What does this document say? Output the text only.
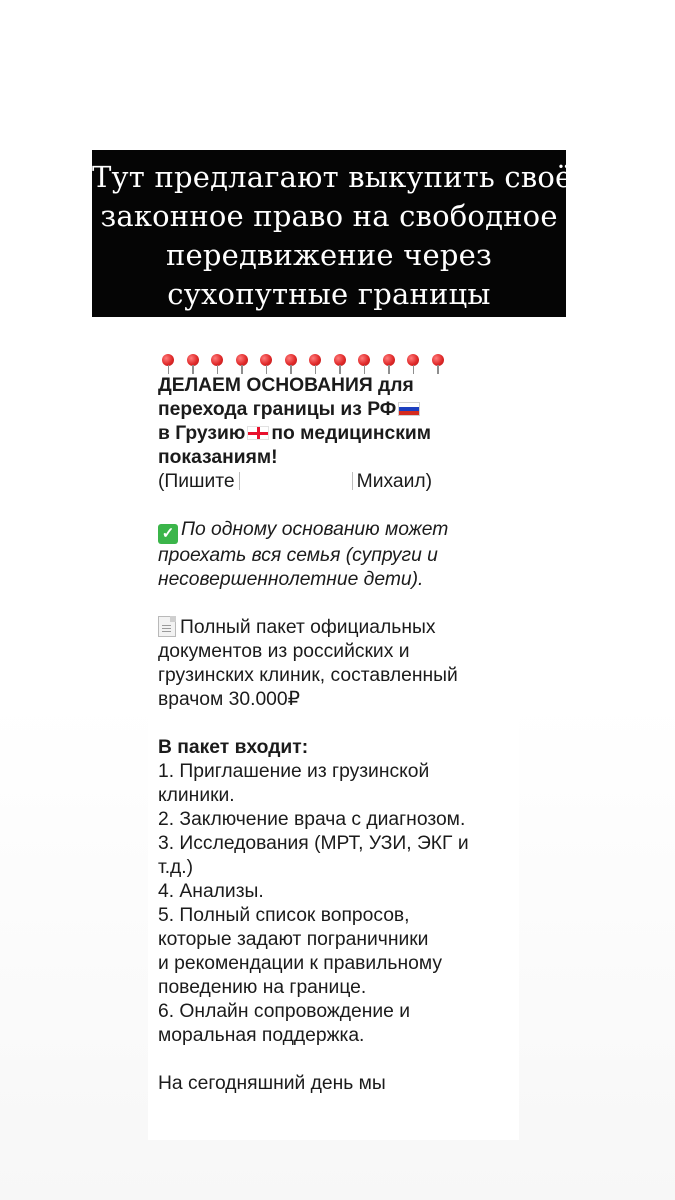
Тут предлагают выкупить своё
законное право на свободное
передвижение через
сухопутные границы
ДЕЛАЕМ ОСНОВАНИЯ для
перехода границы из РФ
в Грузию по медицинским
показаниям!
(Пишите	Михаил)
✓ По одному основанию может
проехать вся семья (супруги и
несовершеннолетние дети).
Полный пакет официальных
документов из российских и
грузинских клиник, составленный
врачом 30.000₽
В пакет входит:
1. Приглашение из грузинской
клиники.
2. Заключение врача с диагнозом.
3. Исследования (МРТ, УЗИ, ЭКГ и
т.д.)
4. Анализы.
5. Полный список вопросов,
которые задают пограничники
и рекомендации к правильному
поведению на границе.
6. Онлайн сопровождение и
моральная поддержка.
На сегодняшний день мы
